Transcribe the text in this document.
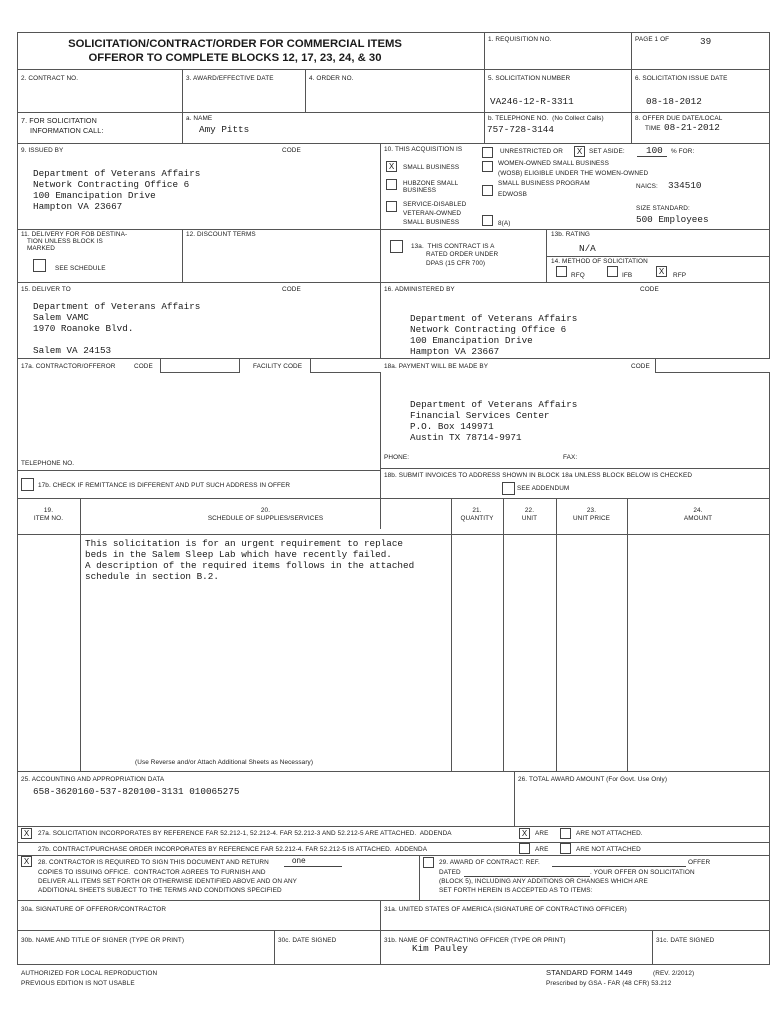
SOLICITATION/CONTRACT/ORDER FOR COMMERCIAL ITEMS
OFFEROR TO COMPLETE BLOCKS 12, 17, 23, 24, & 30
1. REQUISITION NO.	PAGE 1 OF	39
2. CONTRACT NO.	3. AWARD/EFFECTIVE DATE	4. ORDER NO.	5. SOLICITATION NUMBER
VA246-12-R-3311
6. SOLICITATION ISSUE DATE
08-18-2012
7. FOR SOLICITATION
INFORMATION CALL:
a. NAME
Amy Pitts
b. TELEPHONE NO.  (No Collect Calls)
757-728-3144
8. OFFER DUE DATE/LOCAL
TIME 08-21-2012
9. ISSUED BY	CODE
Department of Veterans Affairs
Network Contracting Office 6
100 Emancipation Drive
Hampton VA 23667
10. THIS ACQUISITION IS	UNRESTRICTED OR	X	SET ASIDE: 100 % FOR:
X	SMALL BUSINESS
HUBZONE SMALL
BUSINESS
SERVICE-DISABLED
VETERAN-OWNED
SMALL BUSINESS
WOMEN-OWNED SMALL BUSINESS
(WOSB) ELIGIBLE UNDER THE WOMEN-OWNED
SMALL BUSINESS PROGRAM
EDWOSB
8(A)
NAICS: 334510
SIZE STANDARD:
500 Employees
11. DELIVERY FOR FOB DESTINA-
TION UNLESS BLOCK IS
MARKED
SEE SCHEDULE
12. DISCOUNT TERMS
13a.  THIS CONTRACT IS A
RATED ORDER UNDER
DPAS (15 CFR 700)
13b. RATING
N/A
14. METHOD OF SOLICITATION
RFQ	IFB	X	RFP
15. DELIVER TO	CODE
Department of Veterans Affairs
Salem VAMC
1970 Roanoke Blvd.
Salem VA 24153
16. ADMINISTERED BY	CODE
Department of Veterans Affairs
Network Contracting Office 6
100 Emancipation Drive
Hampton VA 23667
17a. CONTRACTOR/OFFEROR	CODE	FACILITY CODE
TELEPHONE NO.
17b. CHECK IF REMITTANCE IS DIFFERENT AND PUT SUCH ADDRESS IN OFFER
18a. PAYMENT WILL BE MADE BY	CODE
Department of Veterans Affairs
Financial Services Center
P.O. Box 149971
Austin TX 78714-9971
PHONE:	FAX:
18b. SUBMIT INVOICES TO ADDRESS SHOWN IN BLOCK 18a UNLESS BLOCK BELOW IS CHECKED
SEE ADDENDUM
19.
ITEM NO.
20.
SCHEDULE OF SUPPLIES/SERVICES
21.
QUANTITY
22.
UNIT
23.
UNIT PRICE
24.
AMOUNT
This solicitation is for an urgent requirement to replace
beds in the Salem Sleep Lab which have recently failed.
A description of the required items follows in the attached
schedule in section B.2.
(Use Reverse and/or Attach Additional Sheets as Necessary)
25. ACCOUNTING AND APPROPRIATION DATA
658-3620160-537-820100-3131 010065275
26. TOTAL AWARD AMOUNT (For Govt. Use Only)
X	27a. SOLICITATION INCORPORATES BY REFERENCE FAR 52.212-1, 52.212-4. FAR 52.212-3 AND 52.212-5 ARE ATTACHED.  ADDENDA	X	ARE	ARE NOT ATTACHED.
27b. CONTRACT/PURCHASE ORDER INCORPORATES BY REFERENCE FAR 52.212-4. FAR 52.212-5 IS ATTACHED.  ADDENDA	ARE	ARE NOT ATTACHED
X	28. CONTRACTOR IS REQUIRED TO SIGN THIS DOCUMENT AND RETURN	one
COPIES TO ISSUING OFFICE.  CONTRACTOR AGREES TO FURNISH AND
DELIVER ALL ITEMS SET FORTH OR OTHERWISE IDENTIFIED ABOVE AND ON ANY
ADDITIONAL SHEETS SUBJECT TO THE TERMS AND CONDITIONS SPECIFIED
29. AWARD OF CONTRACT: REF.	OFFER
DATED	. YOUR OFFER ON SOLICITATION
(BLOCK 5), INCLUDING ANY ADDITIONS OR CHANGES WHICH ARE
SET FORTH HEREIN IS ACCEPTED AS TO ITEMS:
30a. SIGNATURE OF OFFEROR/CONTRACTOR	31a. UNITED STATES OF AMERICA (SIGNATURE OF CONTRACTING OFFICER)
30b. NAME AND TITLE OF SIGNER (TYPE OR PRINT)	30c. DATE SIGNED	31b. NAME OF CONTRACTING OFFICER (TYPE OR PRINT)
Kim Pauley
31c. DATE SIGNED
AUTHORIZED FOR LOCAL REPRODUCTION
PREVIOUS EDITION IS NOT USABLE
STANDARD FORM 1449	(REV. 2/2012)
Prescribed by GSA - FAR (48 CFR) 53.212
